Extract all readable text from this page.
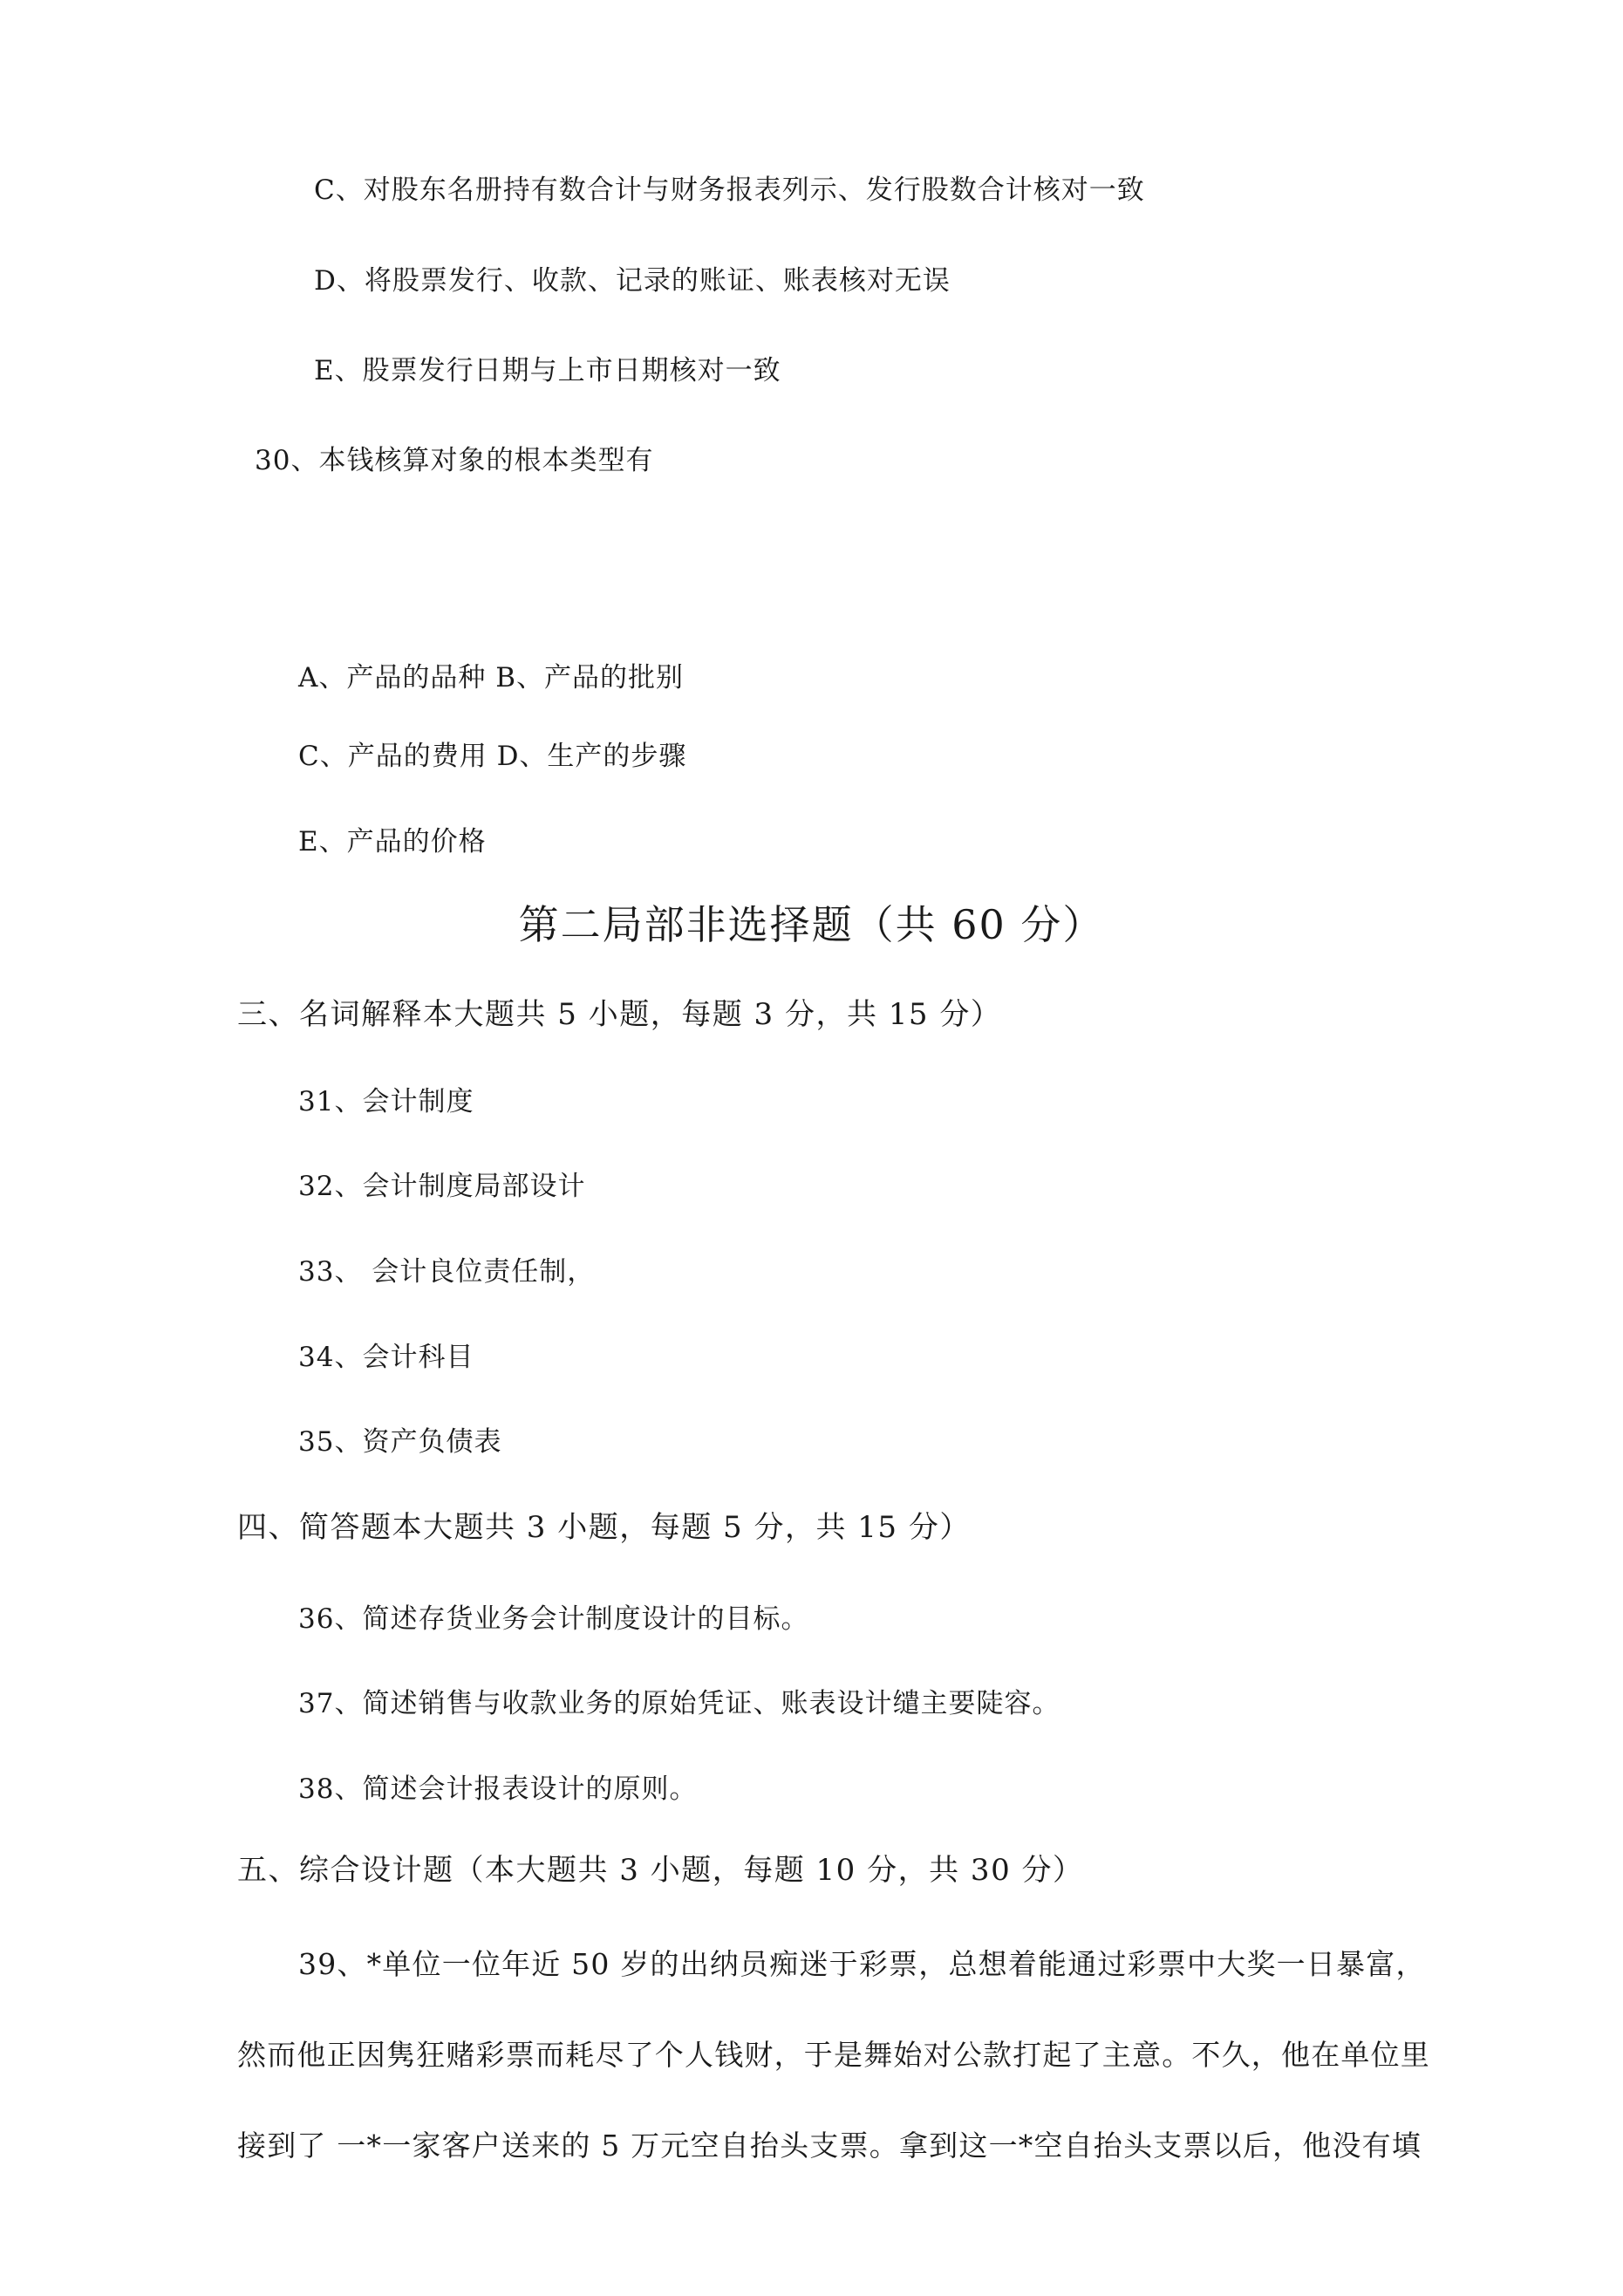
C、对股东名册持有数合计与财务报表列示、发行股数合计核对一致
D、将股票发行、收款、记录的账证、账表核对无误
E、股票发行日期与上市日期核对一致
30、本钱核算对象的根本类型有
A、产品的品种 B、产品的批别
C、产品的费用 D、生产的步骤
E、产品的价格
第二局部非选择题（共 60 分）
三、名词解释本大题共 5 小题，每题 3 分，共 15 分）
31、会计制度
32、会计制度局部设计
33、 会计良位责任制，
34、会计科目
35、资产负债表
四、简答题本大题共 3 小题，每题 5 分，共 15 分）
36、简述存货业务会计制度设计的目标。
37、简述销售与收款业务的原始凭证、账表设计缱主要陡容。
38、简述会计报表设计的原则。
五、综合设计题（本大题共 3 小题，每题 10 分，共 30 分）
39、*单位一位年近 50 岁的出纳员痴迷于彩票，总想着能通过彩票中大奖一日暴富，
然而他正因隽狂赌彩票而耗尽了个人钱财，于是舞始对公款打起了主意。不久，他在单位里
接到了 一*一家客户送来的 5 万元空自抬头支票。拿到这一*空自抬头支票以后，他没有填
